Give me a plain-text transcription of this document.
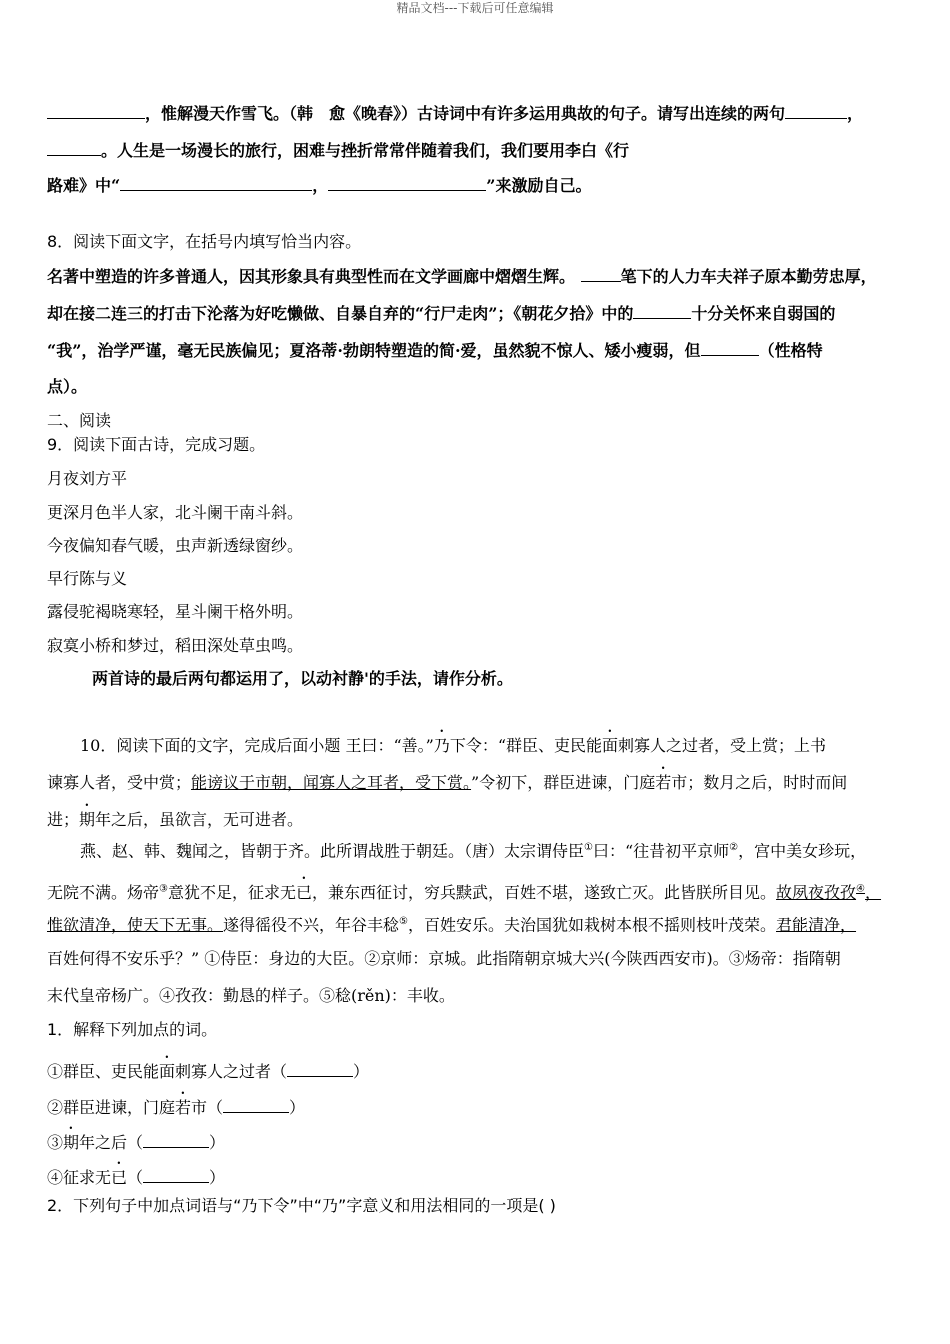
精品文档---下载后可任意编辑
，惟解漫天作雪飞。（韩　愈《晚春》）古诗词中有许多运用典故的句子。请写出连续的两句	，
。人生是一场漫长的旅行，困难与挫折常常伴随着我们，我们要用李白《行
路难》中“	，	”来激励自己。
8．阅读下面文字，在括号内填写恰当内容。
名著中塑造的许多普通人，因其形象具有典型性而在文学画廊中熠熠生辉。	笔下的人力车夫祥子原本勤劳忠厚，
却在接二连三的打击下沦落为好吃懒做、自暴自弃的“行尸走肉”；《朝花夕拾》中的	十分关怀来自弱国的
“我”，治学严谨，毫无民族偏见；夏洛蒂·勃朗特塑造的简·爱，虽然貌不惊人、矮小瘦弱，但	（性格特
点）。
二、阅读
9．阅读下面古诗，完成习题。
月夜刘方平
更深月色半人家，北斗阑干南斗斜。
今夜偏知春气暖，虫声新透绿窗纱。
早行陈与义
露侵驼褐晓寒轻，星斗阑干格外明。
寂寞小桥和梦过，稻田深处草虫鸣。
两首诗的最后两句都运用了，以动衬静'的手法，请作分析。
10．阅读下面的文字，完成后面小题 王曰：“善。”乃下令：“群臣、吏民能面刺寡人之过者，受上赏；上书
谏寡人者，受中赏；能谤议于市朝，闻寡人之耳者，受下赏。”令初下，群臣进谏，门庭若市；数月之后，时时而间
进；期年之后，虽欲言，无可进者。
燕、赵、韩、魏闻之，皆朝于齐。此所谓战胜于朝廷。（唐）太宗谓侍臣①曰：“往昔初平京师②，宫中美女珍玩，
无院不满。炀帝③意犹不足，征求无已，兼东西征讨，穷兵黩武，百姓不堪，遂致亡灭。此皆朕所目见。故夙夜孜孜④，
惟欲清净，使天下无事。遂得徭役不兴，年谷丰稔⑤，百姓安乐。夫治国犹如栽树本根不摇则枝叶茂荣。君能清净，
百姓何得不安乐乎？” ①侍臣：身边的大臣。②京师：京城。此指隋朝京城大兴(今陕西西安市)。③炀帝：指隋朝
末代皇帝杨广。④孜孜：勤恳的样子。⑤稔(rěn)：丰收。
1．解释下列加点的词。
①群臣、吏民能面刺寡人之过者（	）
②群臣进谏，门庭若市（	）
③期年之后（	）
④征求无已（	）
2．下列句子中加点词语与“乃下令”中“乃”字意义和用法相同的一项是( )
